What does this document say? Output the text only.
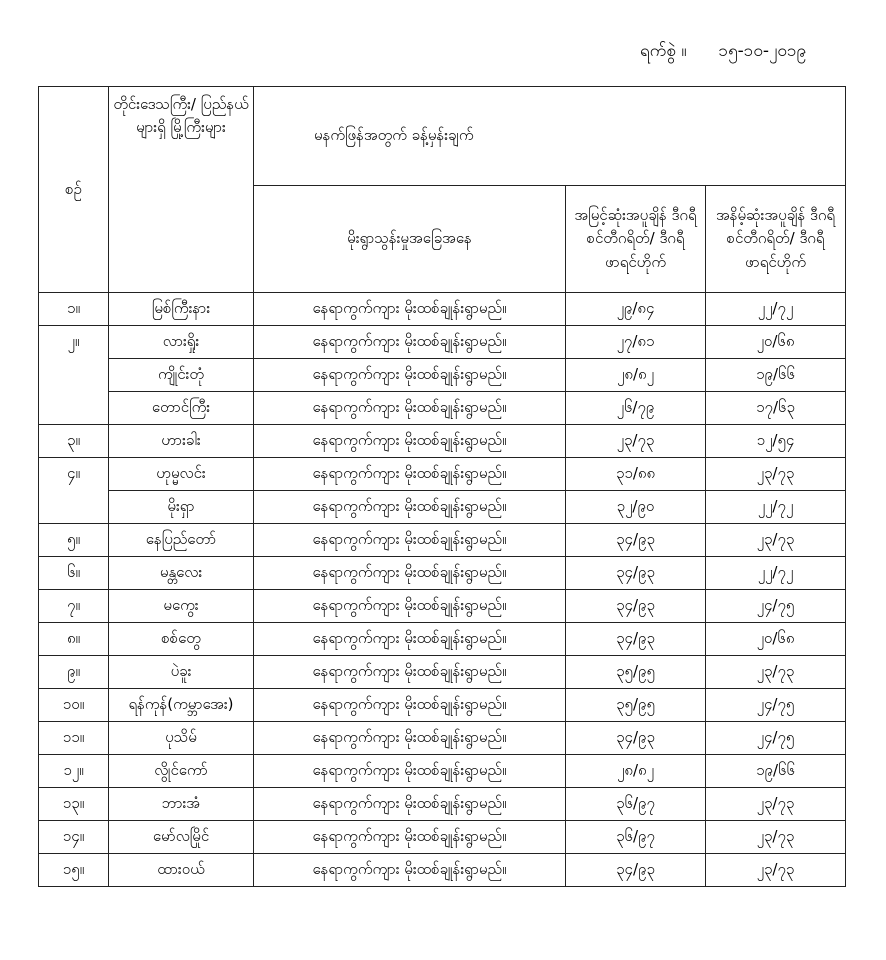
ရက်စွဲ ။ ၁၅-၁၀-၂၀၁၉
စဉ်	တိုင်းဒေသကြီး/ ပြည်နယ်များရှိ မြို့ကြီးများ	မနက်ဖြန်အတွက် ခန့်မှန်းချက်		
		မိုးရွာသွန်းမှုအခြေအနေ	အမြင့်ဆုံးအပူချိန် ဒီဂရီစင်တီဂရိတ်/ ဒီဂရီဖာရင်ဟိုက်	အနိမ့်ဆုံးအပူချိန် ဒီဂရီစင်တီဂရိတ်/ ဒီဂရီဖာရင်ဟိုက်
၁။	မြစ်ကြီးနား	နေရာကွက်ကျား မိုးထစ်ချုန်းရွာမည်။	၂၉/၈၄	၂၂/၇၂
၂။	လားရှိုး	နေရာကွက်ကျား မိုးထစ်ချုန်းရွာမည်။	၂၇/၈၁	၂၀/၆၈
	ကျိုင်းတုံ	နေရာကွက်ကျား မိုးထစ်ချုန်းရွာမည်။	၂၈/၈၂	၁၉/၆၆
	တောင်ကြီး	နေရာကွက်ကျား မိုးထစ်ချုန်းရွာမည်။	၂၆/၇၉	၁၇/၆၃
၃။	ဟားခါး	နေရာကွက်ကျား မိုးထစ်ချုန်းရွာမည်။	၂၃/၇၃	၁၂/၅၄
၄။	ဟုမ္မလင်း	နေရာကွက်ကျား မိုးထစ်ချုန်းရွာမည်။	၃၁/၈၈	၂၃/၇၃
	မိုးရှာ	နေရာကွက်ကျား မိုးထစ်ချုန်းရွာမည်။	၃၂/၉၀	၂၂/၇၂
၅။	နေပြည်တော်	နေရာကွက်ကျား မိုးထစ်ချုန်းရွာမည်။	၃၄/၉၃	၂၃/၇၃
၆။	မန္တလေး	နေရာကွက်ကျား မိုးထစ်ချုန်းရွာမည်။	၃၄/၉၃	၂၂/၇၂
၇။	မကွေး	နေရာကွက်ကျား မိုးထစ်ချုန်းရွာမည်။	၃၄/၉၃	၂၄/၇၅
၈။	စစ်တွေ	နေရာကွက်ကျား မိုးထစ်ချုန်းရွာမည်။	၃၄/၉၃	၂၀/၆၈
၉။	ပဲခူး	နေရာကွက်ကျား မိုးထစ်ချုန်းရွာမည်။	၃၅/၉၅	၂၃/၇၃
၁၀။	ရန်ကုန်(ကမ္ဘာအေး)	နေရာကွက်ကျား မိုးထစ်ချုန်းရွာမည်။	၃၅/၉၅	၂၄/၇၅
၁၁။	ပုသိမ်	နေရာကွက်ကျား မိုးထစ်ချုန်းရွာမည်။	၃၄/၉၃	၂၄/၇၅
၁၂။	လွိုင်ကော်	နေရာကွက်ကျား မိုးထစ်ချုန်းရွာမည်။	၂၈/၈၂	၁၉/၆၆
၁၃။	ဘားအံ	နေရာကွက်ကျား မိုးထစ်ချုန်းရွာမည်။	၃၆/၉၇	၂၃/၇၃
၁၄။	မော်လမြိုင်	နေရာကွက်ကျား မိုးထစ်ချုန်းရွာမည်။	၃၆/၉၇	၂၃/၇၃
၁၅။	ထားဝယ်	နေရာကွက်ကျား မိုးထစ်ချုန်းရွာမည်။	၃၄/၉၃	၂၃/၇၃
